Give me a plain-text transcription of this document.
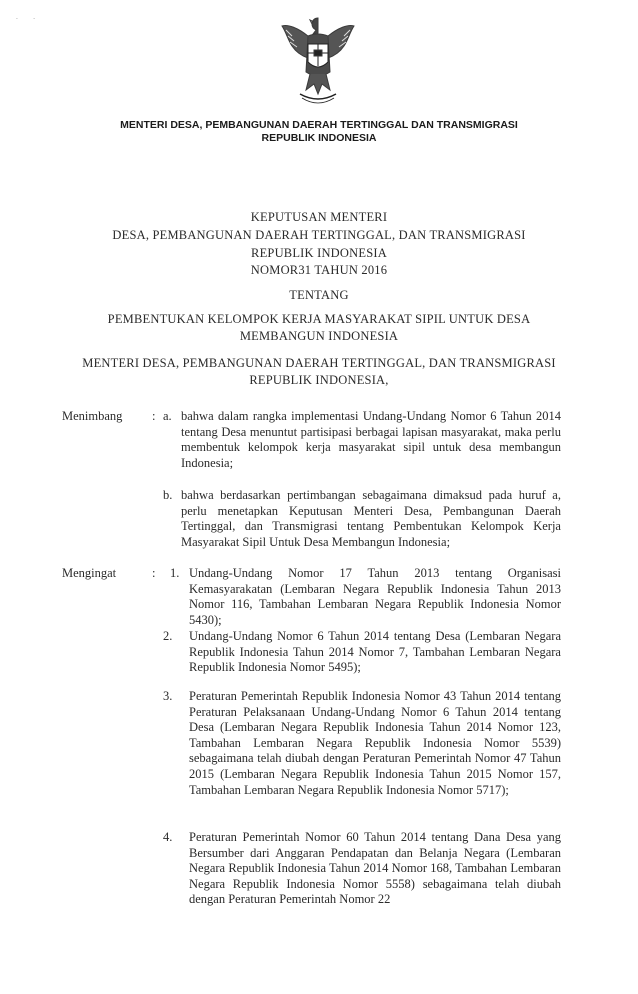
·        ·
MENTERI DESA, PEMBANGUNAN DAERAH TERTINGGAL DAN TRANSMIGRASI
REPUBLIK INDONESIA
KEPUTUSAN MENTERI
DESA, PEMBANGUNAN DAERAH TERTINGGAL, DAN TRANSMIGRASI
REPUBLIK INDONESIA
NOMOR31 TAHUN 2016
TENTANG
PEMBENTUKAN KELOMPOK KERJA MASYARAKAT SIPIL UNTUK DESA
MEMBANGUN INDONESIA
MENTERI DESA, PEMBANGUNAN DAERAH TERTINGGAL, DAN TRANSMIGRASI
REPUBLIK INDONESIA,
Menimbang : a. bahwa dalam rangka implementasi Undang-Undang Nomor 6 Tahun 2014 tentang Desa menuntut partisipasi berbagai lapisan masyarakat, maka perlu membentuk kelompok kerja masyarakat sipil untuk desa membangun Indonesia;
b. bahwa berdasarkan pertimbangan sebagaimana dimaksud pada huruf a, perlu menetapkan Keputusan Menteri Desa, Pembangunan Daerah Tertinggal, dan Transmigrasi tentang Pembentukan Kelompok Kerja Masyarakat Sipil Untuk Desa Membangun Indonesia;
Mengingat	: 1. Undang-Undang Nomor 17 Tahun 2013 tentang Organisasi Kemasyarakatan (Lembaran Negara Republik Indonesia Tahun 2013 Nomor 116, Tambahan Lembaran Negara Republik Indonesia Nomor 5430);
2. Undang-Undang Nomor 6 Tahun 2014 tentang Desa (Lembaran Negara Republik Indonesia Tahun 2014 Nomor 7, Tambahan Lembaran Negara Republik Indonesia Nomor 5495);
3. Peraturan Pemerintah Republik Indonesia Nomor 43 Tahun 2014 tentang Peraturan Pelaksanaan Undang-Undang Nomor 6 Tahun 2014 tentang Desa (Lembaran Negara Republik Indonesia Tahun 2014 Nomor 123, Tambahan Lembaran Negara Republik Indonesia Nomor 5539) sebagaimana telah diubah dengan Peraturan Pemerintah Nomor 47 Tahun 2015 (Lembaran Negara Republik Indonesia Tahun 2015 Nomor 157, Tambahan Lembaran Negara Republik Indonesia Nomor 5717);
4. Peraturan Pemerintah Nomor 60 Tahun 2014 tentang Dana Desa yang Bersumber dari Anggaran Pendapatan dan Belanja Negara (Lembaran Negara Republik Indonesia Tahun 2014 Nomor 168, Tambahan Lembaran Negara Republik Indonesia Nomor 5558) sebagaimana telah diubah dengan Peraturan Pemerintah Nomor 22
